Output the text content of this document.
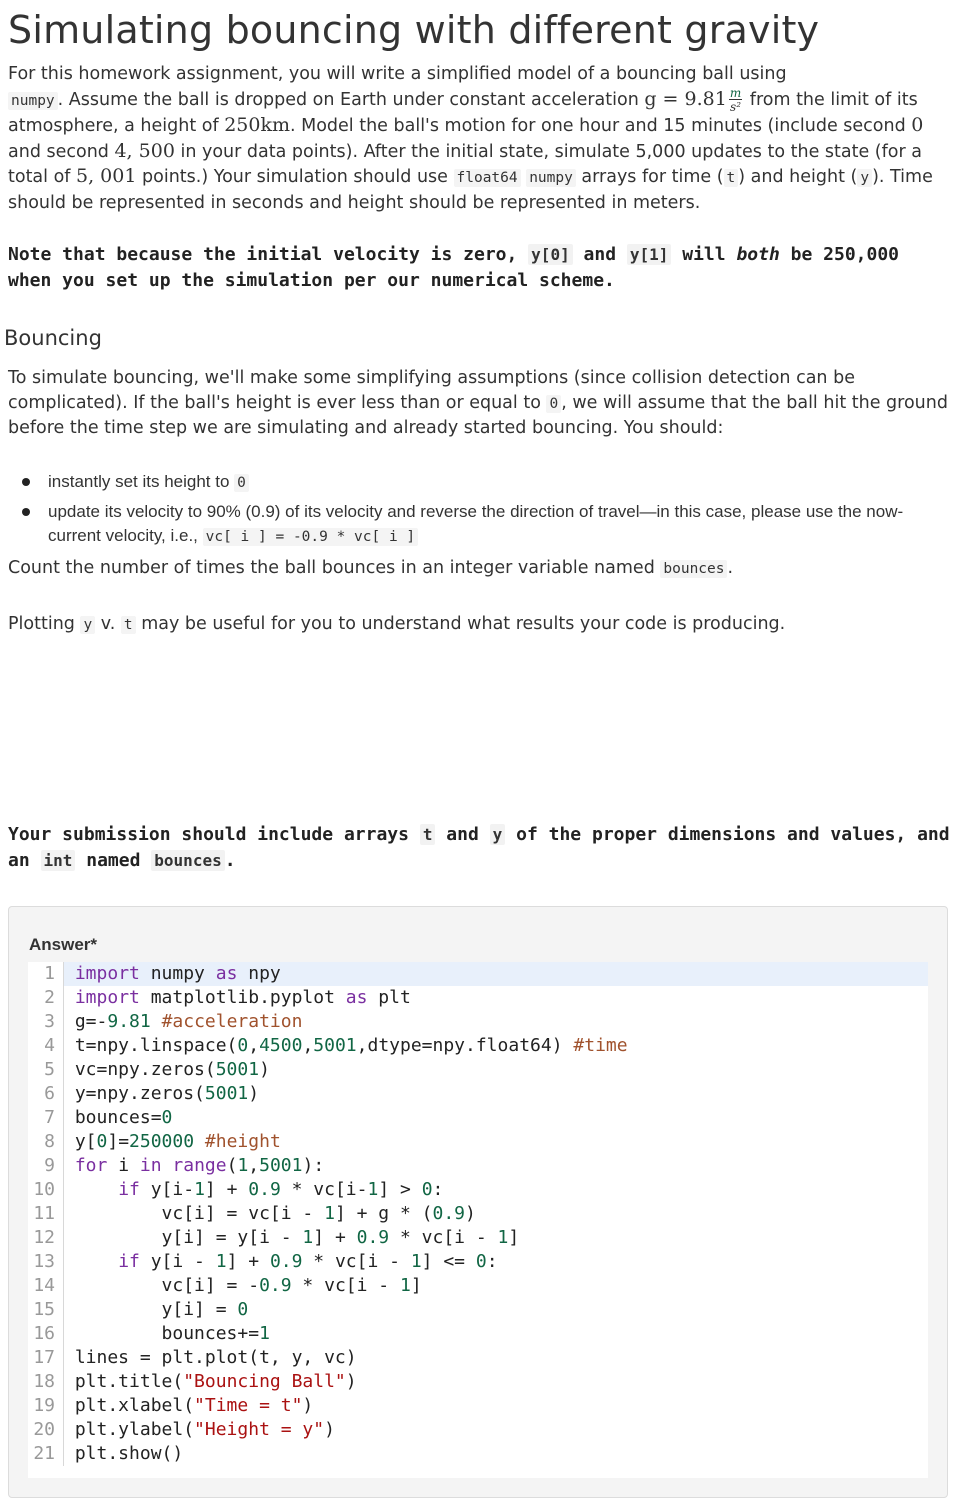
Simulating bouncing with different gravity

For this homework assignment, you will write a simplified model of a bouncing ball using
numpy . Assume the ball is dropped on Earth under constant acceleration $g = 9.81 \frac{m}{\text{s²}}$ from the limit of its atmosphere, a height of 250km. Model the ball's motion for one hour and 15 minutes (include second 0 and second 4, 500 in your data points). After the initial state, simulate 5,000 updates to the state (for a total of 5, 001 points.) Your simulation should use float64 numpy arrays for time ( t ) and height ( y ). Time should be represented in seconds and height should be represented in meters.

Note that because the initial velocity is zero, y[0] and y[1] will both be 250,000 when you set up the simulation per our numerical scheme.

Bouncing

To simulate bouncing, we'll make some simplifying assumptions (since collision detection can be complicated). If the ball's height is ever less than or equal to 0 , we will assume that the ball hit the ground before the time step we are simulating and already started bouncing. You should:

instantly set its height to 0
update its velocity to 90% (0.9) of its velocity and reverse the direction of travel—in this case, please use the now-current velocity, i.e., vc[ i ] = -0.9 * vc[ i ]

Count the number of times the ball bounces in an integer variable named bounces .

Plotting y v. t may be useful for you to understand what results your code is producing.

Your submission should include arrays t and y of the proper dimensions and values, and an int named bounces .

Answer*
1 import numpy as npy
2 import matplotlib.pyplot as plt
3 g=-9.81 #acceleration
4 t=npy.linspace(0,4500,5001,dtype=npy.float64) #time
5 vc=npy.zeros(5001)
6 y=npy.zeros(5001)
7 bounces=0
8 y[0]=250000 #height
9 for i in range(1,5001):
10	if y[i-1] + 0.9 * vc[i-1] > 0:
11         vc[i] = vc[i - 1] + g * (0.9)
12         y[i] = y[i - 1] + 0.9 * vc[i - 1]
13	if y[i - 1] + 0.9 * vc[i - 1] <= 0:
14         vc[i] = -0.9 * vc[i - 1]
15         y[i] = 0
16         bounces+=1
17 lines = plt.plot(t, y, vc)
18 plt.title("Bouncing Ball")
19 plt.xlabel("Time = t")
20 plt.ylabel("Height = y")
21 plt.show()
